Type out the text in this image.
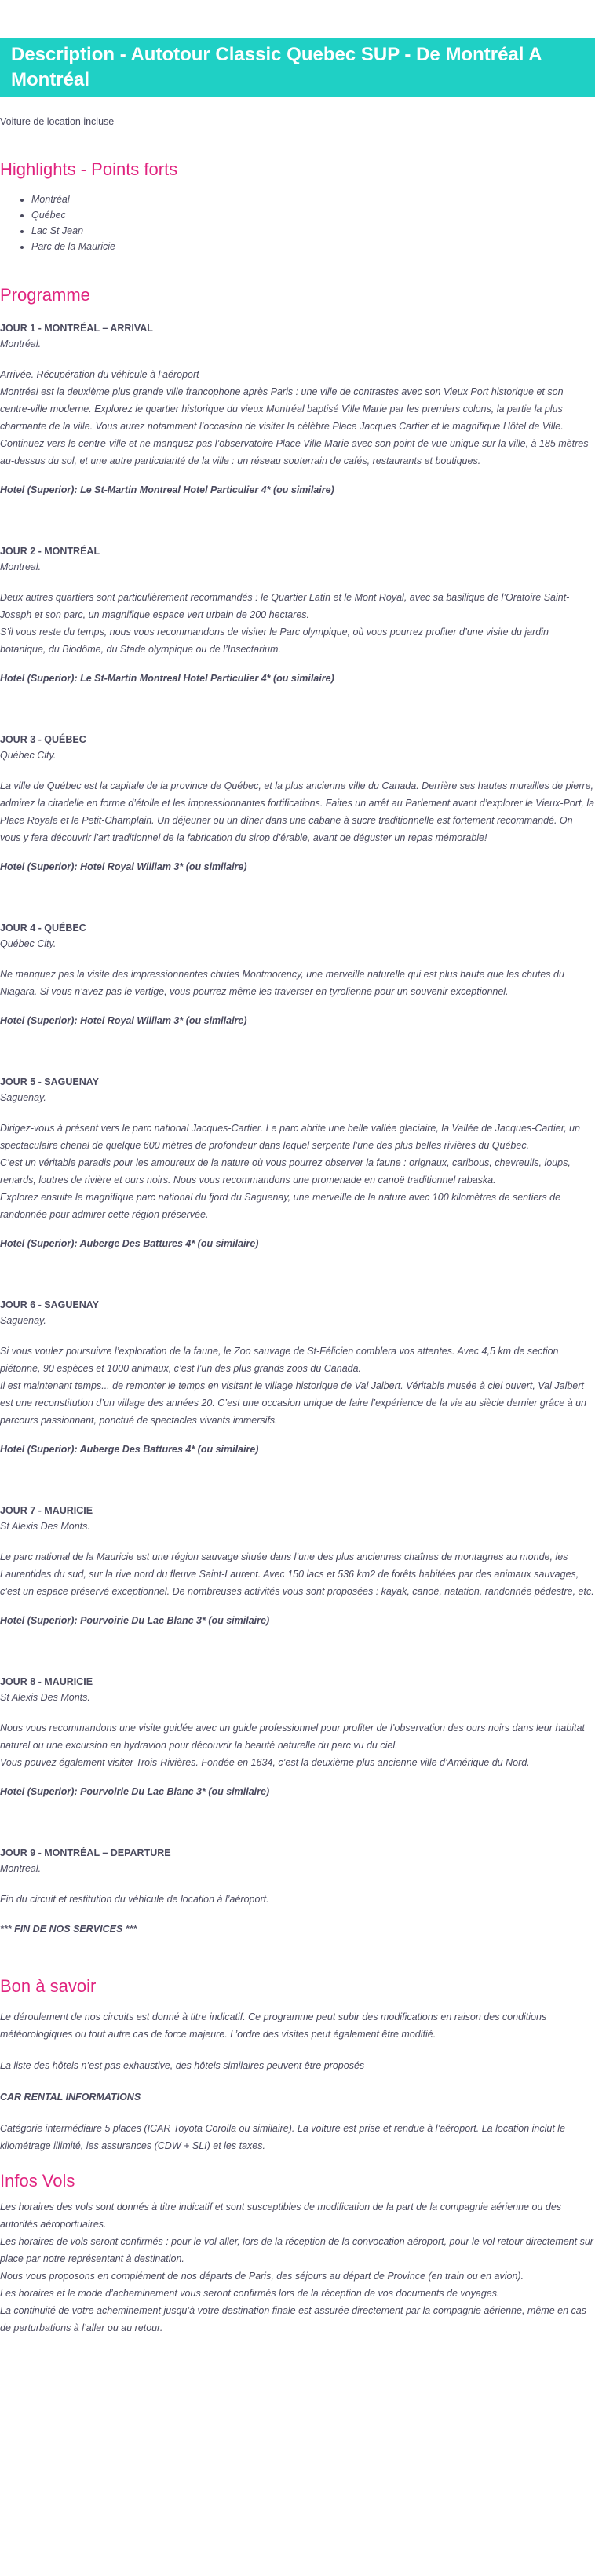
Description - Autotour Classic Quebec SUP - De Montréal A Montréal
Voiture de location incluse
Highlights - Points forts
• Montréal
• Québec
• Lac St Jean
• Parc de la Mauricie
Programme
JOUR 1 - MONTRÉAL – ARRIVAL
Montréal.
Arrivée. Récupération du véhicule à l’aéroport
Montréal est la deuxième plus grande ville francophone après Paris : une ville de contrastes avec son Vieux Port historique et son centre-ville moderne. Explorez le quartier historique du vieux Montréal baptisé Ville Marie par les premiers colons, la partie la plus charmante de la ville. Vous aurez notamment l’occasion de visiter la célèbre Place Jacques Cartier et le magnifique Hôtel de Ville.
Continuez vers le centre-ville et ne manquez pas l’observatoire Place Ville Marie avec son point de vue unique sur la ville, à 185 mètres au-dessus du sol, et une autre particularité de la ville : un réseau souterrain de cafés, restaurants et boutiques.
Hotel (Superior): Le St-Martin Montreal Hotel Particulier 4* (ou similaire)
JOUR 2 - MONTRÉAL
Montreal.
Deux autres quartiers sont particulièrement recommandés : le Quartier Latin et le Mont Royal, avec sa basilique de l’Oratoire Saint-Joseph et son parc, un magnifique espace vert urbain de 200 hectares.
S’il vous reste du temps, nous vous recommandons de visiter le Parc olympique, où vous pourrez profiter d’une visite du jardin botanique, du Biodôme, du Stade olympique ou de l’Insectarium.
Hotel (Superior): Le St-Martin Montreal Hotel Particulier 4* (ou similaire)
JOUR 3 - QUÉBEC
Québec City.
La ville de Québec est la capitale de la province de Québec, et la plus ancienne ville du Canada. Derrière ses hautes murailles de pierre, admirez la citadelle en forme d’étoile et les impressionnantes fortifications. Faites un arrêt au Parlement avant d’explorer le Vieux-Port, la Place Royale et le Petit-Champlain. Un déjeuner ou un dîner dans une cabane à sucre traditionnelle est fortement recommandé. On vous y fera découvrir l’art traditionnel de la fabrication du sirop d’érable, avant de déguster un repas mémorable!
Hotel (Superior): Hotel Royal William 3* (ou similaire)
JOUR 4 - QUÉBEC
Québec City.
Ne manquez pas la visite des impressionnantes chutes Montmorency, une merveille naturelle qui est plus haute que les chutes du Niagara. Si vous n’avez pas le vertige, vous pourrez même les traverser en tyrolienne pour un souvenir exceptionnel.
Hotel (Superior): Hotel Royal William 3* (ou similaire)
JOUR 5 - SAGUENAY
Saguenay.
Dirigez-vous à présent vers le parc national Jacques-Cartier. Le parc abrite une belle vallée glaciaire, la Vallée de Jacques-Cartier, un spectaculaire chenal de quelque 600 mètres de profondeur dans lequel serpente l’une des plus belles rivières du Québec.
C’est un véritable paradis pour les amoureux de la nature où vous pourrez observer la faune : orignaux, caribous, chevreuils, loups, renards, loutres de rivière et ours noirs. Nous vous recommandons une promenade en canoë traditionnel rabaska.
Explorez ensuite le magnifique parc national du fjord du Saguenay, une merveille de la nature avec 100 kilomètres de sentiers de randonnée pour admirer cette région préservée.
Hotel (Superior): Auberge Des Battures 4* (ou similaire)
JOUR 6 - SAGUENAY
Saguenay.
Si vous voulez poursuivre l’exploration de la faune, le Zoo sauvage de St-Félicien comblera vos attentes. Avec 4,5 km de section piétonne, 90 espèces et 1000 animaux, c’est l’un des plus grands zoos du Canada.
Il est maintenant temps... de remonter le temps en visitant le village historique de Val Jalbert. Véritable musée à ciel ouvert, Val Jalbert est une reconstitution d’un village des années 20. C’est une occasion unique de faire l’expérience de la vie au siècle dernier grâce à un parcours passionnant, ponctué de spectacles vivants immersifs.
Hotel (Superior): Auberge Des Battures 4* (ou similaire)
JOUR 7 - MAURICIE
St Alexis Des Monts.
Le parc national de la Mauricie est une région sauvage située dans l’une des plus anciennes chaînes de montagnes au monde, les Laurentides du sud, sur la rive nord du fleuve Saint-Laurent. Avec 150 lacs et 536 km2 de forêts habitées par des animaux sauvages, c’est un espace préservé exceptionnel. De nombreuses activités vous sont proposées : kayak, canoë, natation, randonnée pédestre, etc.
Hotel (Superior): Pourvoirie Du Lac Blanc 3* (ou similaire)
JOUR 8 - MAURICIE
St Alexis Des Monts.
Nous vous recommandons une visite guidée avec un guide professionnel pour profiter de l’observation des ours noirs dans leur habitat naturel ou une excursion en hydravion pour découvrir la beauté naturelle du parc vu du ciel.
Vous pouvez également visiter Trois-Rivières. Fondée en 1634, c’est la deuxième plus ancienne ville d’Amérique du Nord.
Hotel (Superior): Pourvoirie Du Lac Blanc 3* (ou similaire)
JOUR 9 - MONTRÉAL – DEPARTURE
Montreal.
Fin du circuit et restitution du véhicule de location à l’aéroport.
*** FIN DE NOS SERVICES ***
Bon à savoir

Le déroulement de nos circuits est donné à titre indicatif. Ce programme peut subir des modifications en raison des conditions météorologiques ou tout autre cas de force majeure. L’ordre des visites peut également être modifié.

La liste des hôtels n’est pas exhaustive, des hôtels similaires peuvent être proposés

CAR RENTAL INFORMATIONS

Catégorie intermédiaire 5 places (ICAR Toyota Corolla ou similaire). La voiture est prise et rendue à l’aéroport. La location inclut le kilométrage illimité, les assurances (CDW + SLI) et les taxes.

Infos Vols

Les horaires des vols sont donnés à titre indicatif et sont susceptibles de modification de la part de la compagnie aérienne ou des autorités aéroportuaires.
Les horaires de vols seront confirmés : pour le vol aller, lors de la réception de la convocation aéroport, pour le vol retour directement sur place par notre représentant à destination.
Nous vous proposons en complément de nos départs de Paris, des séjours au départ de Province (en train ou en avion).
Les horaires et le mode d’acheminement vous seront confirmés lors de la réception de vos documents de voyages.
La continuité de votre acheminement jusqu’à votre destination finale est assurée directement par la compagnie aérienne, même en cas de perturbations à l’aller ou au retour.
